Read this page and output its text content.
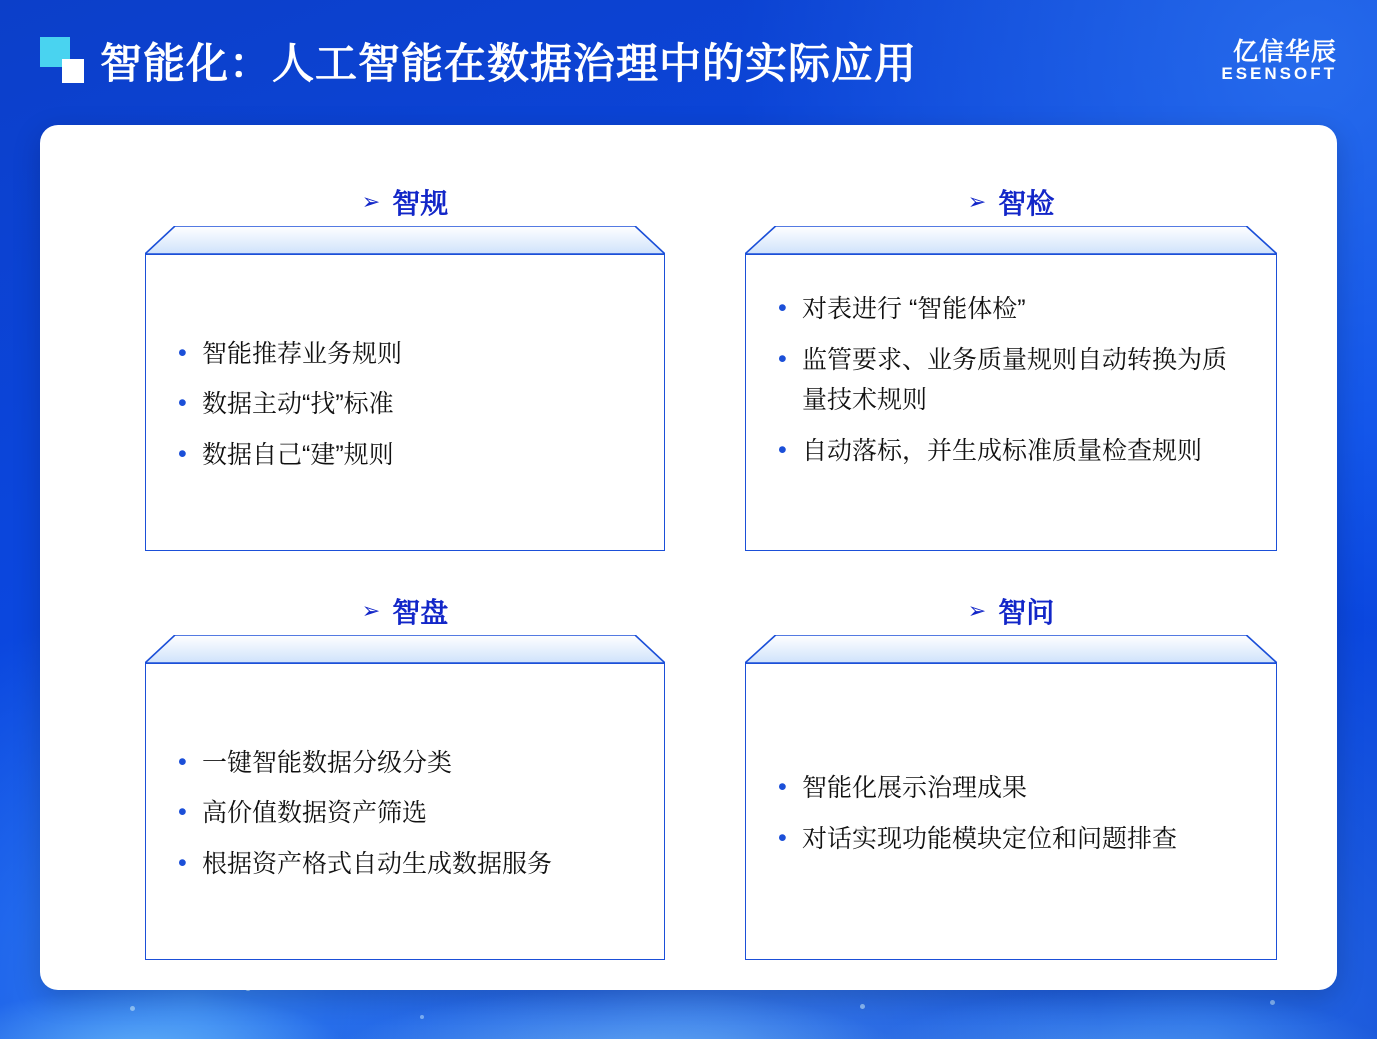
智能化：人工智能在数据治理中的实际应用	亿信华辰
ESENSOFT
➢ 智规
• 智能推荐业务规则
• 数据主动“找”标准
• 数据自己“建”规则
➢ 智检
• 对表进行 “智能体检”
• 监管要求、业务质量规则自动转换为质量技术规则
• 自动落标，并生成标准质量检查规则
➢ 智盘
• 一键智能数据分级分类
• 高价值数据资产筛选
• 根据资产格式自动生成数据服务
➢ 智问
• 智能化展示治理成果
• 对话实现功能模块定位和问题排查
